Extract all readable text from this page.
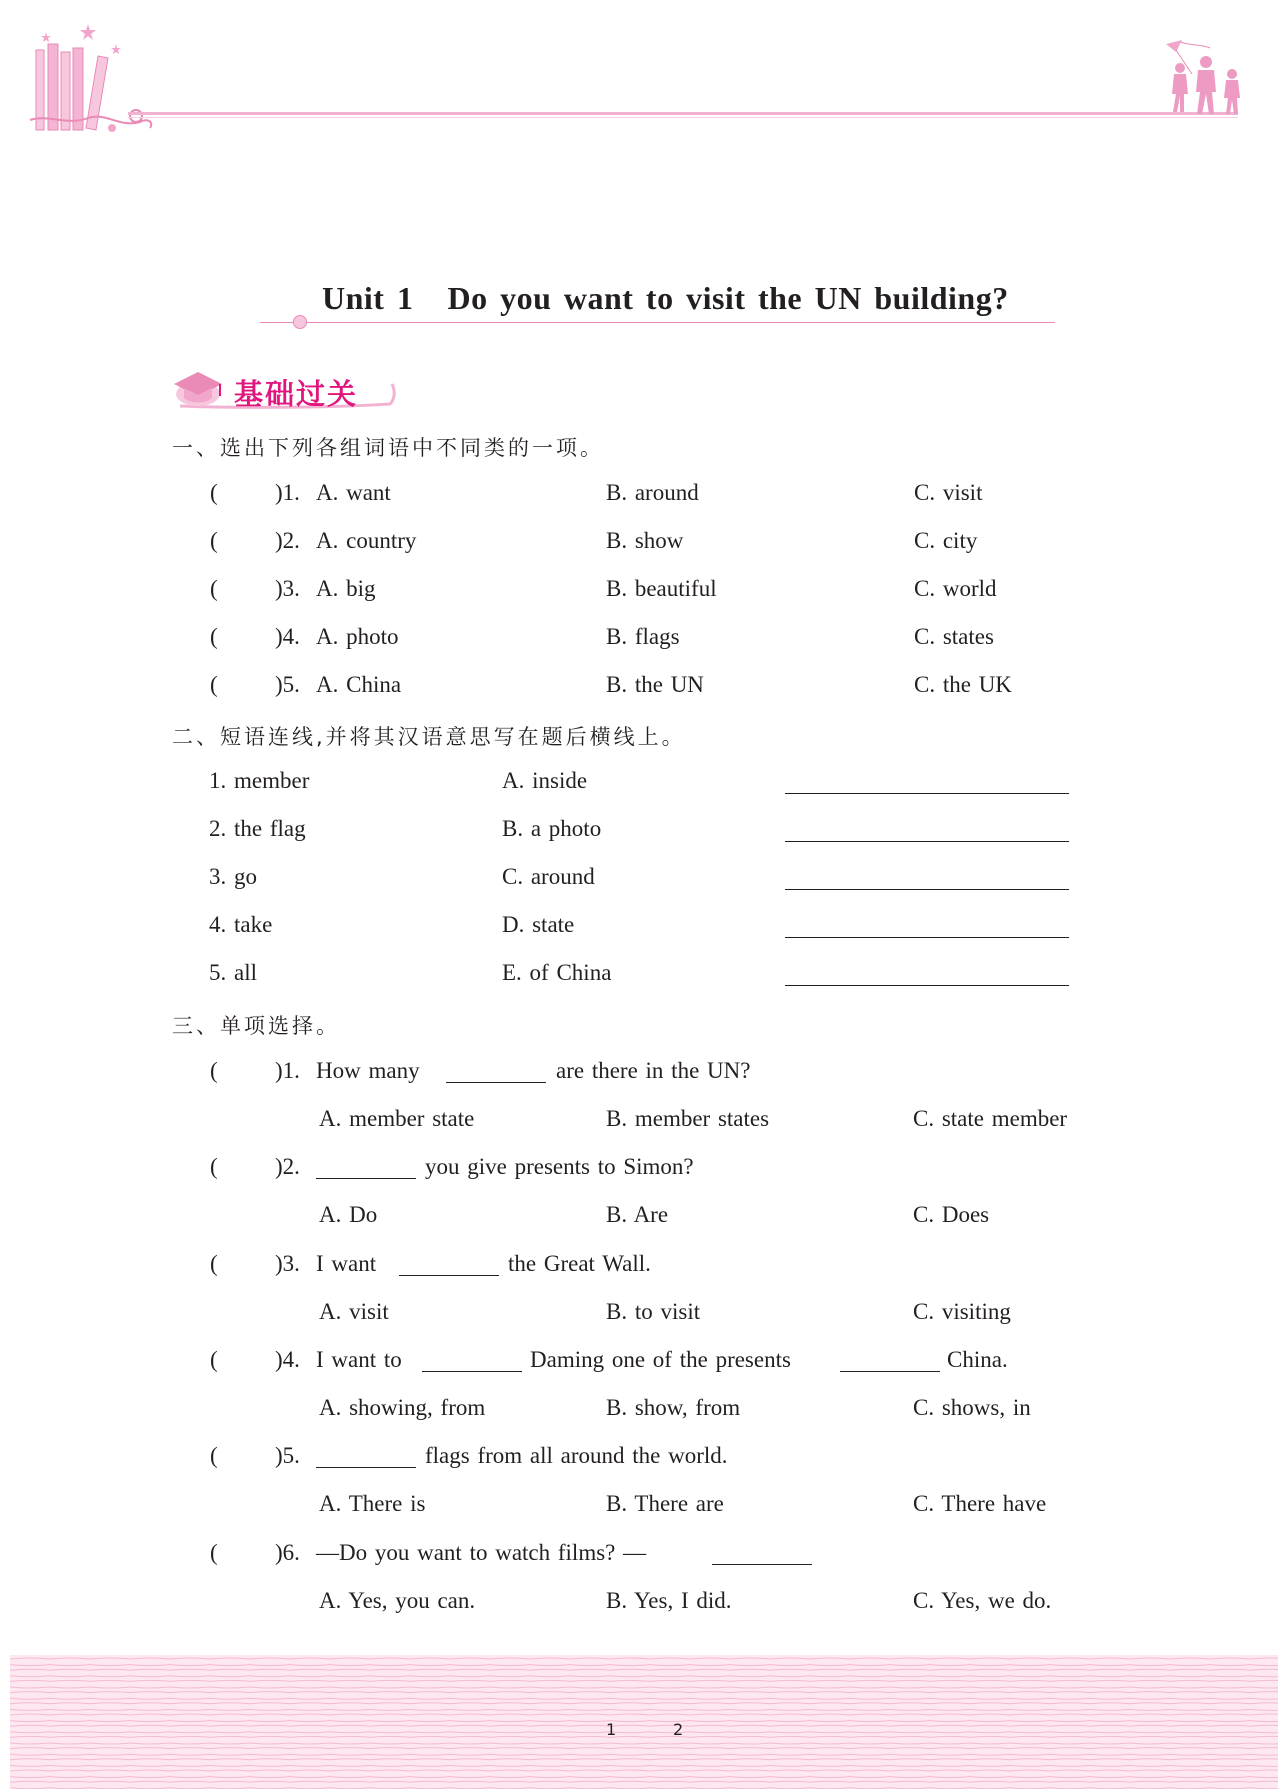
Unit 1 Do you want to visit the UN building?
基础过关
一、选出下列各组词语中不同类的一项。
( )1. A. want	B. around	C. visit
( )2. A. country	B. show	C. city
( )3. A. big	B. beautiful	C. world
( )4. A. photo	B. flags	C. states
( )5. A. China	B. the UN	C. the UK
二、短语连线,并将其汉语意思写在题后横线上。
1. member	A. inside
2. the flag	B. a photo
3. go	C. around
4. take	D. state
5. all	E. of China
三、单项选择。
( )1. How many	are there in the UN?
A. member state	B. member states	C. state member
( )2.	you give presents to Simon?
A. Do	B. Are	C. Does
( )3. I want	the Great Wall.
A. visit	B. to visit	C. visiting
( )4. I want to	Daming one of the presents	China.
A. showing, from	B. show, from	C. shows, in
( )5.	flags from all around the world.
A. There is	B. There are	C. There have
( )6. —Do you want to watch films? —
A. Yes, you can.	B. Yes, I did.	C. Yes, we do.
1	2
